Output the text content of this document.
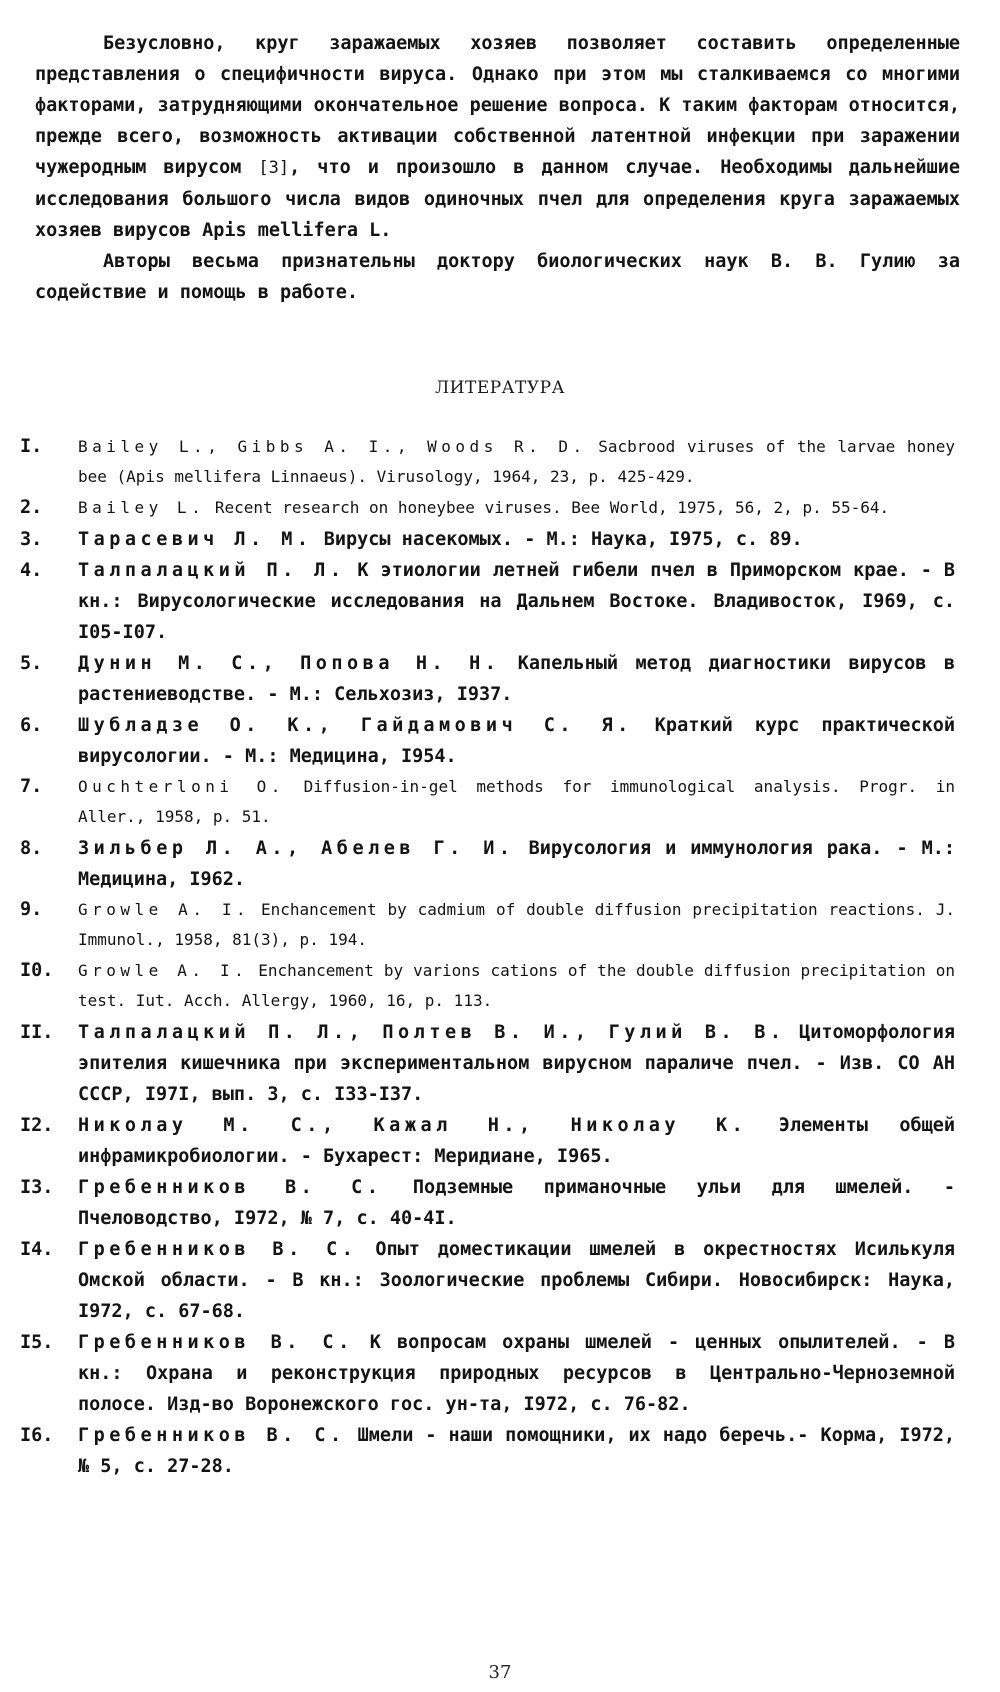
Безусловно, круг заражаемых хозяев позволяет составить определенные представления о специфичности вируса. Однако при этом мы сталкиваемся со многими факторами, затрудняющими окончательное решение вопроса. К таким факторам относится, прежде всего, возможность активации собственной латентной инфекции при заражении чужеродным вирусом [3], что и произошло в данном случае. Необходимы дальнейшие исследования большого числа видов одиночных пчел для определения круга заражаемых хозяев вирусов Apis mellifera L.

Авторы весьма признательны доктору биологических наук В. В. Гулию за содействие и помощь в работе.

ЛИТЕРАТУРА
I.	Bailey L., Gibbs A. I., Woods R. D. Sacbrood viruses of the larvae honey bee (Apis mellifera Linnaeus). Virusology, 1964, 23, p. 425-429.
2.	Bailey L. Recent research on honeybee viruses. Bee World, 1975, 56, 2, p. 55-64.
3.	Тарасевич Л. М. Вирусы насекомых. - М.: Наука, I975, с. 89.
4.	Талпалацкий П. Л. К этиологии летней гибели пчел в Приморском крае. - В кн.: Вирусологические исследования на Дальнем Востоке. Владивосток, I969, с. I05-I07.
5.	Дунин М. С., Попова Н. Н. Капельный метод диагностики вирусов в растениеводстве. - М.: Сельхозиз, I937.
6.	Шубладзе О. К., Гайдамович С. Я. Краткий курс практической вирусологии. - М.: Медицина, I954.
7.	Ouchterloni O. Diffusion-in-gel methods for immunological analysis. Progr. in Aller., 1958, p. 51.
8.	Зильбер Л. А., Абелев Г. И. Вирусология и иммунология рака. - М.: Медицина, I962.
9.	Growle A. I. Enchancement by cadmium of double diffusion precipitation reactions. J. Immunol., 1958, 81(3), p. 194.
I0.	Growle A. I. Enchancement by varions cations of the double diffusion precipitation on test. Iut. Acch. Allergy, 1960, 16, p. 113.
II.	Талпалацкий П. Л., Полтев В. И., Гулий В. В. Цитоморфология эпителия кишечника при экспериментальном вирусном параличе пчел. - Изв. СО АН СССР, I97I, вып. 3, с. I33-I37.
I2.	Николау М. С., Кажал Н., Николау К. Элементы общей инфрамикробиологии. - Бухарест: Меридиане, I965.
I3.	Гребенников В. С. Подземные приманочные ульи для шмелей. - Пчеловодство, I972, № 7, с. 40-4I.
I4.	Гребенников В. С. Опыт доместикации шмелей в окрестностях Исилькуля Омской области. - В кн.: Зоологические проблемы Сибири. Новосибирск: Наука, I972, с. 67-68.
I5.	Гребенников В. С. К вопросам охраны шмелей - ценных опылителей. - В кн.: Охрана и реконструкция природных ресурсов в Центрально-Черноземной полосе. Изд-во Воронежского гос. ун-та, I972, с. 76-82.
I6.	Гребенников В. С. Шмели - наши помощники, их надо беречь.- Корма, I972, № 5, с. 27-28.
37
